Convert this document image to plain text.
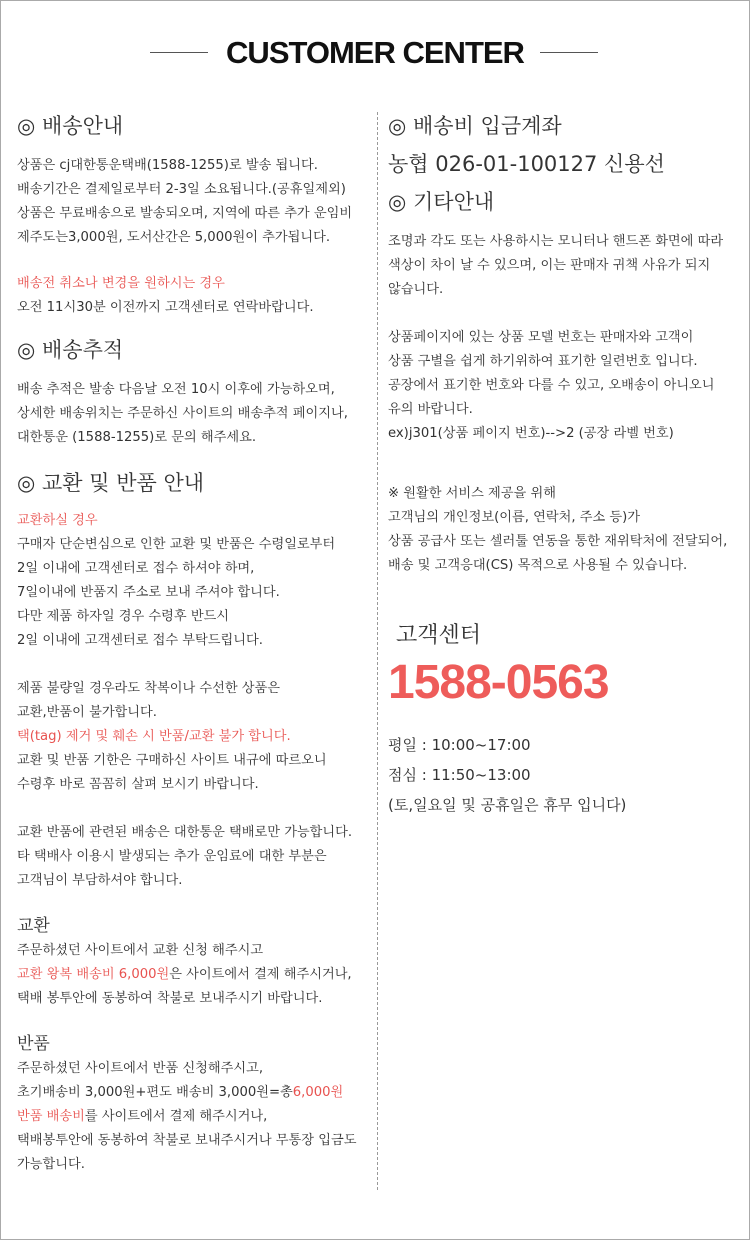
CUSTOMER CENTER
◎ 배송안내
상품은 cj대한통운택배(1588-1255)로 발송 됩니다.
배송기간은 결제일로부터 2-3일 소요됩니다.(공휴일제외)
상품은 무료배송으로 발송되오며, 지역에 따른 추가 운임비
제주도는3,000원, 도서산간은 5,000원이 추가됩니다.
배송전 취소나 변경을 원하시는 경우
오전 11시30분 이전까지 고객센터로 연락바랍니다.
◎ 배송추적
배송 추적은 발송 다음날 오전 10시 이후에 가능하오며,
상세한 배송위치는 주문하신 사이트의 배송추적 페이지나,
대한통운 (1588-1255)로 문의 해주세요.
◎ 교환 및 반품 안내
교환하실 경우
구매자 단순변심으로 인한 교환 및 반품은 수령일로부터
2일 이내에 고객센터로 접수 하셔야 하며,
7일이내에 반품지 주소로 보내 주셔야 합니다.
다만 제품 하자일 경우 수령후 반드시
2일 이내에 고객센터로 접수 부탁드립니다.
제품 불량일 경우라도 착복이나 수선한 상품은
교환,반품이 불가합니다.
택(tag) 제거 및 훼손 시 반품/교환 불가 합니다.
교환 및 반품 기한은 구매하신 사이트 내규에 따르오니
수령후 바로 꼼꼼히 살펴 보시기 바랍니다.
교환 반품에 관련된 배송은 대한통운 택배로만 가능합니다.
타 택배사 이용시 발생되는 추가 운임료에 대한 부분은
고객님이 부담하셔야 합니다.
교환
주문하셨던 사이트에서 교환 신청 해주시고
교환 왕복 배송비 6,000원은 사이트에서 결제 해주시거나,
택배 봉투안에 동봉하여 착불로 보내주시기 바랍니다.
반품
주문하셨던 사이트에서 반품 신청해주시고,
초기배송비 3,000원+편도 배송비 3,000원=총6,000원
반품 배송비를 사이트에서 결제 해주시거나,
택배봉투안에 동봉하여 착불로 보내주시거나 무통장 입금도
가능합니다.
◎ 배송비 입금계좌
농협 026-01-100127 신용선
◎ 기타안내
조명과 각도 또는 사용하시는 모니터나 핸드폰 화면에 따라
색상이 차이 날 수 있으며, 이는 판매자 귀책 사유가 되지
않습니다.
상품페이지에 있는 상품 모델 번호는 판매자와 고객이
상품 구별을 쉽게 하기위하여 표기한 일련번호 입니다.
공장에서 표기한 번호와 다를 수 있고, 오배송이 아니오니
유의 바랍니다.
ex)j301(상품 페이지 번호)-->2 (공장 라벨 번호)
※ 원활한 서비스 제공을 위해
고객님의 개인정보(이름, 연락처, 주소 등)가
상품 공급사 또는 셀러툴 연동을 통한 재위탁처에 전달되어,
배송 및 고객응대(CS) 목적으로 사용될 수 있습니다.
고객센터
1588-0563
평일 : 10:00~17:00
점심 : 11:50~13:00
(토,일요일 및 공휴일은 휴무 입니다)
